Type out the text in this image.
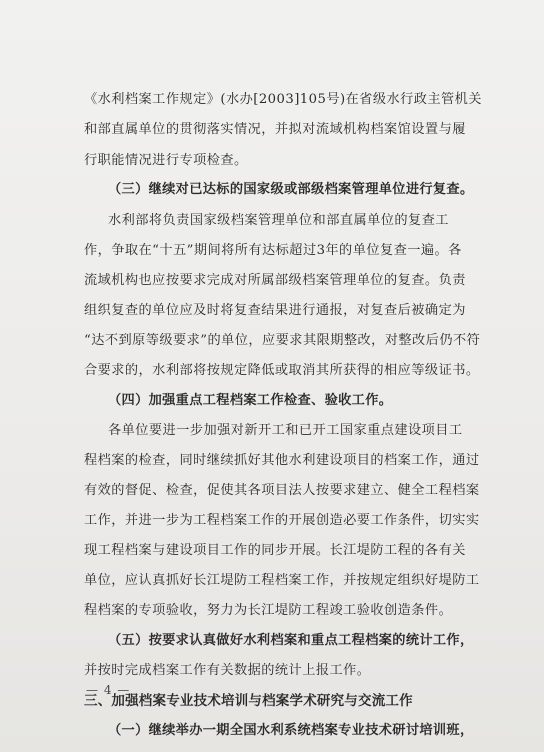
《水利档案工作规定》(水办[2003]105号)在省级水行政主管机关
和部直属单位的贯彻落实情况，并拟对流域机构档案馆设置与履
行职能情况进行专项检查。
（三）继续对已达标的国家级或部级档案管理单位进行复查。
水利部将负责国家级档案管理单位和部直属单位的复查工
作，争取在“十五”期间将所有达标超过3年的单位复查一遍。各
流域机构也应按要求完成对所属部级档案管理单位的复查。负责
组织复查的单位应及时将复查结果进行通报，对复查后被确定为
“达不到原等级要求”的单位，应要求其限期整改，对整改后仍不符
合要求的，水利部将按规定降低或取消其所获得的相应等级证书。
（四）加强重点工程档案工作检查、验收工作。
各单位要进一步加强对新开工和已开工国家重点建设项目工
程档案的检查，同时继续抓好其他水利建设项目的档案工作，通过
有效的督促、检查，促使其各项目法人按要求建立、健全工程档案
工作，并进一步为工程档案工作的开展创造必要工作条件，切实实
现工程档案与建设项目工作的同步开展。长江堤防工程的各有关
单位，应认真抓好长江堤防工程档案工作，并按规定组织好堤防工
程档案的专项验收，努力为长江堤防工程竣工验收创造条件。
（五）按要求认真做好水利档案和重点工程档案的统计工作，
并按时完成档案工作有关数据的统计上报工作。
三、加强档案专业技术培训与档案学术研究与交流工作
（一）继续举办一期全国水利系统档案专业技术研讨培训班，
— 4 —
